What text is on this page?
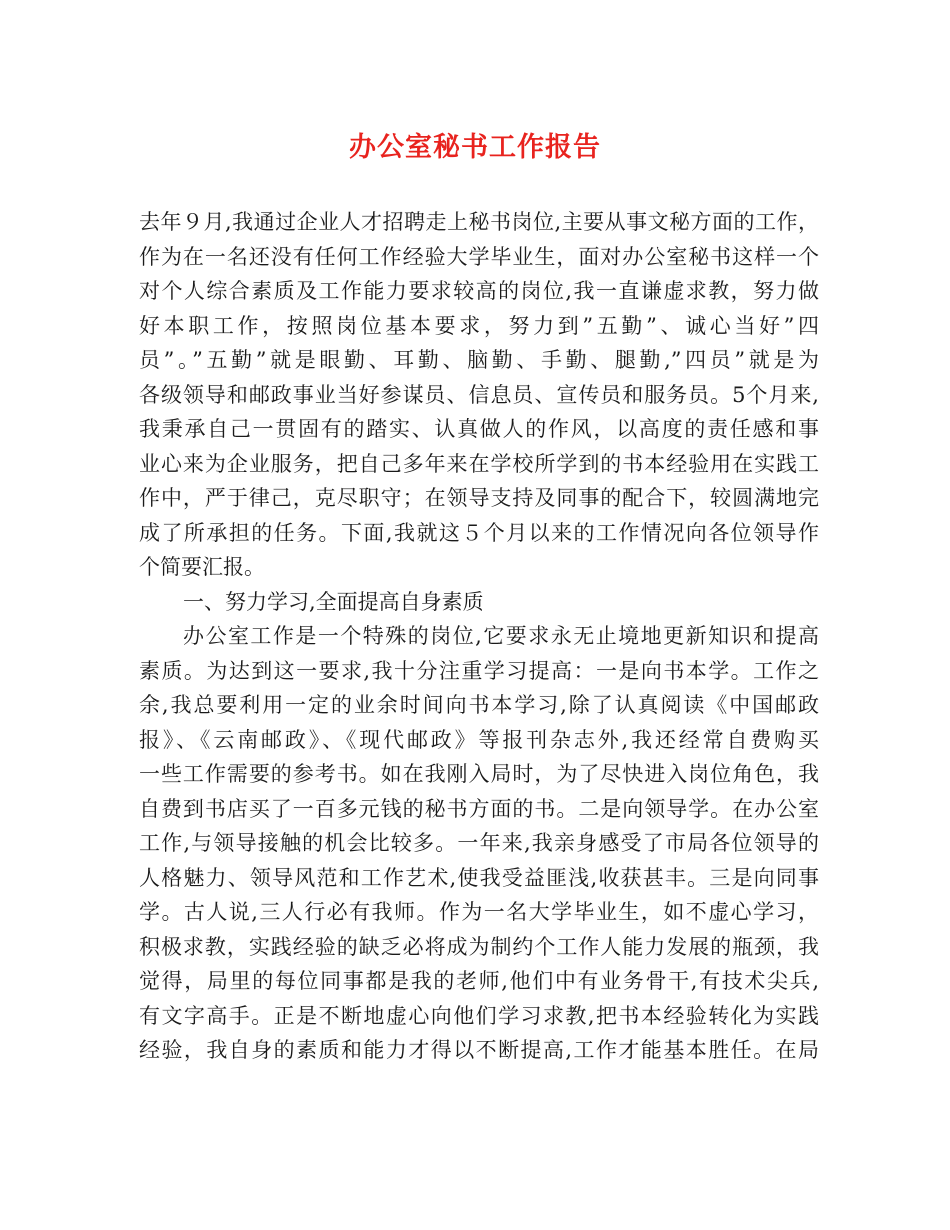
办公室秘书工作报告
去年９月,我通过企业人才招聘走上秘书岗位,主要从事文秘方面的工作，
作为在一名还没有任何工作经验大学毕业生，面对办公室秘书这样一个
对个人综合素质及工作能力要求较高的岗位,我一直谦虚求教，努力做
好本职工作，按照岗位基本要求，努力到”五勤”、诚心当好”四
员”。”五勤”就是眼勤、耳勤、脑勤、手勤、腿勤,”四员”就是为
各级领导和邮政事业当好参谋员、信息员、宣传员和服务员。5个月来,
我秉承自己一贯固有的踏实、认真做人的作风，以高度的责任感和事
业心来为企业服务，把自己多年来在学校所学到的书本经验用在实践工
作中，严于律己，克尽职守；在领导支持及同事的配合下，较圆满地完
成了所承担的任务。下面,我就这５个月以来的工作情况向各位领导作
个简要汇报。
一、努力学习,全面提高自身素质
办公室工作是一个特殊的岗位,它要求永无止境地更新知识和提高
素质。为达到这一要求,我十分注重学习提高：一是向书本学。工作之
余,我总要利用一定的业余时间向书本学习,除了认真阅读《中国邮政
报》、《云南邮政》、《现代邮政》等报刊杂志外,我还经常自费购买
一些工作需要的参考书。如在我刚入局时，为了尽快进入岗位角色，我
自费到书店买了一百多元钱的秘书方面的书。二是向领导学。在办公室
工作,与领导接触的机会比较多。一年来,我亲身感受了市局各位领导的
人格魅力、领导风范和工作艺术,使我受益匪浅,收获甚丰。三是向同事
学。古人说,三人行必有我师。作为一名大学毕业生，如不虚心学习，
积极求教，实践经验的缺乏必将成为制约个工作人能力发展的瓶颈，我
觉得，局里的每位同事都是我的老师,他们中有业务骨干,有技术尖兵,
有文字高手。正是不断地虚心向他们学习求教,把书本经验转化为实践
经验，我自身的素质和能力才得以不断提高,工作才能基本胜任。在局
